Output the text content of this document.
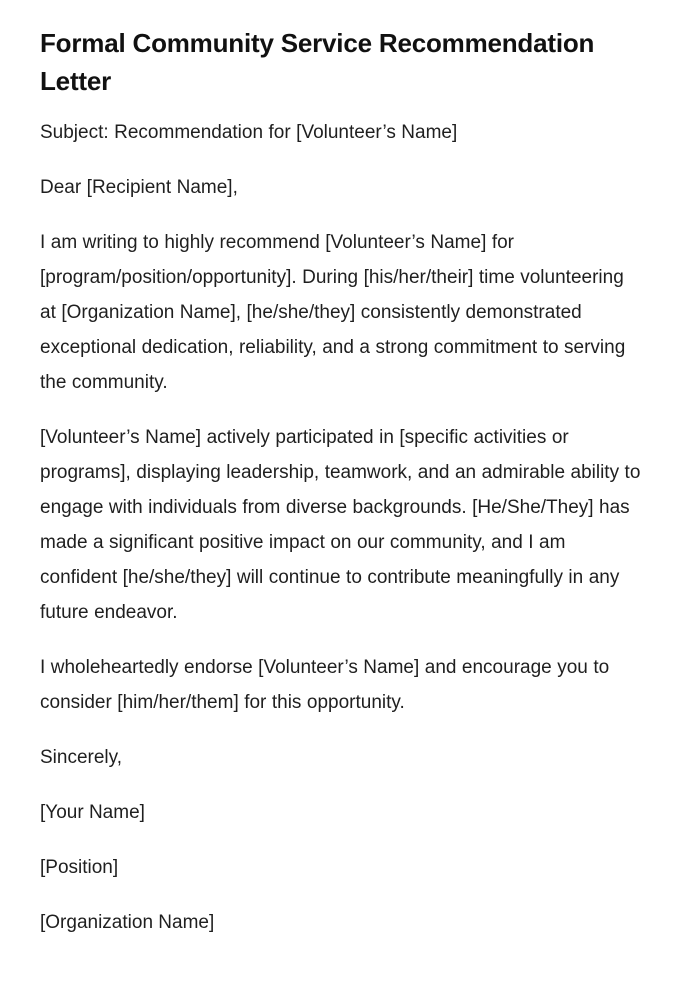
Formal Community Service Recommendation Letter

Subject: Recommendation for [Volunteer’s Name]

Dear [Recipient Name],

I am writing to highly recommend [Volunteer’s Name] for [program/position/opportunity]. During [his/her/their] time volunteering at [Organization Name], [he/she/they] consistently demonstrated exceptional dedication, reliability, and a strong commitment to serving the community.

[Volunteer’s Name] actively participated in [specific activities or programs], displaying leadership, teamwork, and an admirable ability to engage with individuals from diverse backgrounds. [He/She/They] has made a significant positive impact on our community, and I am confident [he/she/they] will continue to contribute meaningfully in any future endeavor.

I wholeheartedly endorse [Volunteer’s Name] and encourage you to consider [him/her/them] for this opportunity.

Sincerely,

[Your Name]

[Position]

[Organization Name]
